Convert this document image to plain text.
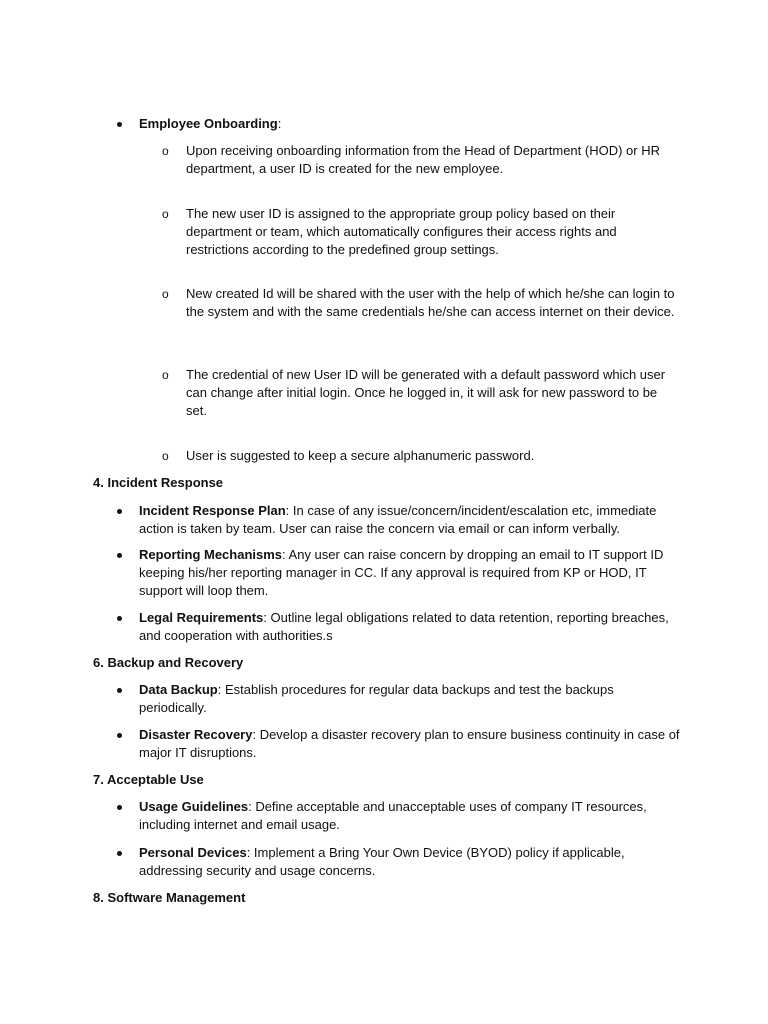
Employee Onboarding:

o Upon receiving onboarding information from the Head of Department (HOD) or HR department, a user ID is created for the new employee.

o The new user ID is assigned to the appropriate group policy based on their department or team, which automatically configures their access rights and restrictions according to the predefined group settings.

o New created Id will be shared with the user with the help of which he/she can login to the system and with the same credentials he/she can access internet on their device.

o The credential of new User ID will be generated with a default password which user can change after initial login. Once he logged in, it will ask for new password to be set.

o User is suggested to keep a secure alphanumeric password.

4. Incident Response

Incident Response Plan: In case of any issue/concern/incident/escalation etc, immediate action is taken by team. User can raise the concern via email or can inform verbally.

Reporting Mechanisms: Any user can raise concern by dropping an email to IT support ID keeping his/her reporting manager in CC. If any approval is required from KP or HOD, IT support will loop them.

Legal Requirements: Outline legal obligations related to data retention, reporting breaches, and cooperation with authorities.s

6. Backup and Recovery

Data Backup: Establish procedures for regular data backups and test the backups periodically.

Disaster Recovery: Develop a disaster recovery plan to ensure business continuity in case of major IT disruptions.

7. Acceptable Use

Usage Guidelines: Define acceptable and unacceptable uses of company IT resources, including internet and email usage.

Personal Devices: Implement a Bring Your Own Device (BYOD) policy if applicable, addressing security and usage concerns.

8. Software Management
